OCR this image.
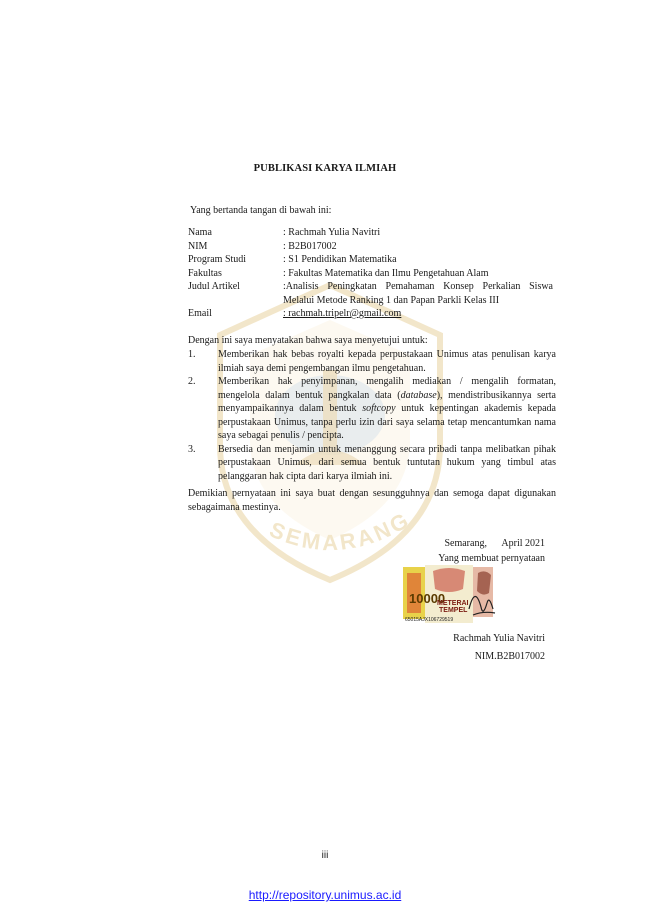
SEMARANG
PUBLIKASI KARYA ILMIAH
Yang bertanda tangan di bawah ini:
Nama	: Rachmah Yulia Navitri
NIM	: B2B017002
Program Studi	: S1 Pendidikan Matematika
Fakultas	: Fakultas Matematika dan Ilmu Pengetahuan Alam
Judul Artikel	:Analisis Peningkatan Pemahaman Konsep Perkalian Siswa Melalui Metode Ranking 1 dan Papan Parkli Kelas III
Email	: rachmah.tripelr@gmail.com
Dengan ini saya menyatakan bahwa saya menyetujui untuk:
1.	Memberikan hak bebas royalti kepada perpustakaan Unimus atas penulisan karya ilmiah saya demi pengembangan ilmu pengetahuan.
2.	Memberikan hak penyimpanan, mengalih mediakan / mengalih formatan, mengelola dalam bentuk pangkalan data (database), mendistribusikannya serta menyampaikannya dalam bentuk softcopy untuk kepentingan akademis kepada perpustakaan Unimus, tanpa perlu izin dari saya selama tetap mencantumkan nama saya sebagai penulis / pencipta.
3.	Bersedia dan menjamin untuk menanggung secara pribadi tanpa melibatkan pihak perpustakaan Unimus, dari semua bentuk tuntutan hukum yang timbul atas pelanggaran hak cipta dari karya ilmiah ini.
Demikian pernyataan ini saya buat dengan sesungguhnya dan semoga dapat digunakan sebagaimana mestinya.
Semarang,      April 2021
Yang membuat pernyataan
10000
METERAI
TEMPEL
65015AJX106729519
Rachmah Yulia Navitri
NIM.B2B017002
iii
http://repository.unimus.ac.id
